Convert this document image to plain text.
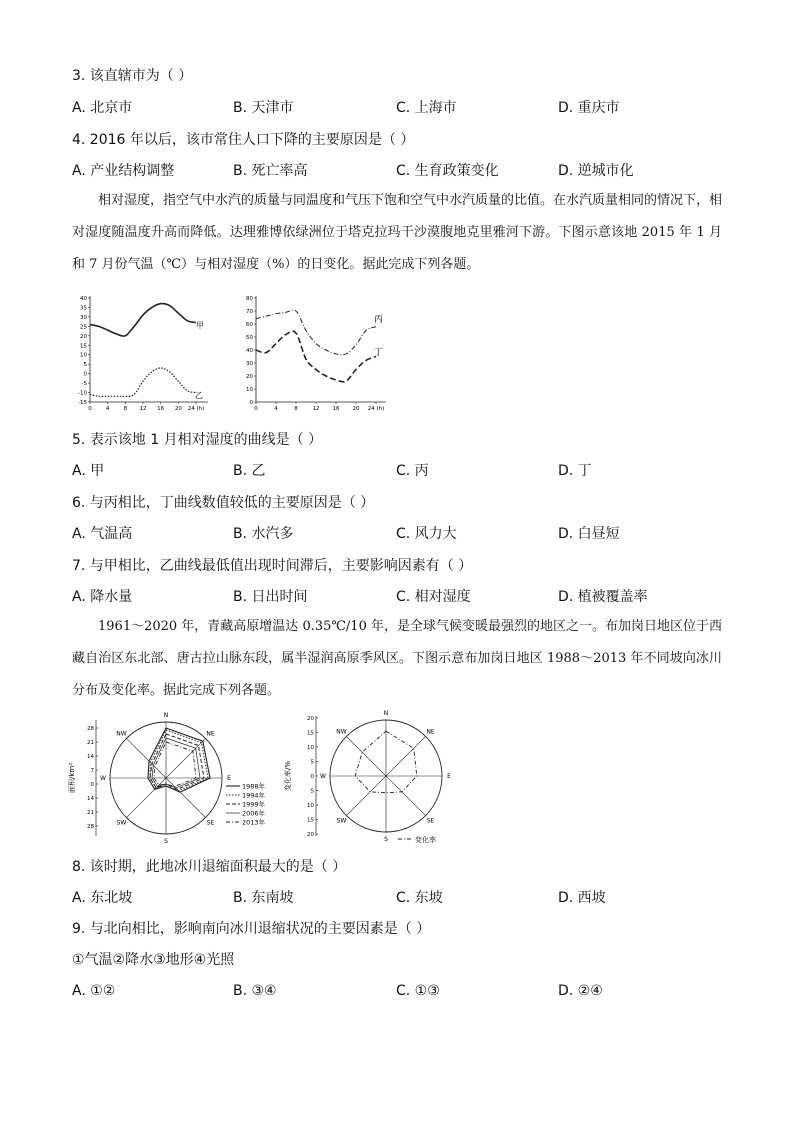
3. 该直辖市为（ ）
A. 北京市	B. 天津市	C. 上海市	D. 重庆市
4. 2016 年以后，该市常住人口下降的主要原因是（ ）
A. 产业结构调整	B. 死亡率高	C. 生育政策变化	D. 逆城市化
相对湿度，指空气中水汽的质量与同温度和气压下饱和空气中水汽质量的比值。在水汽质量相同的情况下，相对湿度随温度升高而降低。达理雅博依绿洲位于塔克拉玛干沙漠腹地克里雅河下游。下图示意该地 2015 年 1 月和 7 月份气温（℃）与相对湿度（%）的日变化。据此完成下列各题。
40
35
30
25
20
15
10
5
0
-5
-10
-15
0	4	8 12 16 20 24 (h)
甲
乙
80
70
60
50
40
30
20
10
0
0	4	8	12 16 20 24 (h)
丙
丁
5. 表示该地 1 月相对湿度的曲线是（ ）
A. 甲	B. 乙	C. 丙	D. 丁
6. 与丙相比，丁曲线数值较低的主要原因是（ ）
A. 气温高	B. 水汽多	C. 风力大	D. 白昼短
7. 与甲相比，乙曲线最低值出现时间滞后，主要影响因素有（ ）
A. 降水量	B. 日出时间	C. 相对湿度	D. 植被覆盖率
1961～2020 年，青藏高原增温达 0.35℃/10 年，是全球气候变暖最强烈的地区之一。布加岗日地区位于西藏自治区东北部、唐古拉山脉东段，属半湿润高原季风区。下图示意布加岗日地区 1988～2013 年不同坡向冰川分布及变化率。据此完成下列各题。
面积/km²
28
21
14
7
0
14
21
28
N
NE
E
SE
S
SW
W
NW
1988年
1994年
1999年
2006年
2013年
变化率/%
20
15
10
5
0
5
10
15
20
N
NE
E
SE
S
SW
W
NW
变化率
8. 该时期，此地冰川退缩面积最大的是（ ）
A. 东北坡	B. 东南坡	C. 东坡	D. 西坡
9. 与北向相比，影响南向冰川退缩状况的主要因素是（ ）
①气温②降水③地形④光照
A. ①②	B. ③④	C. ①③	D. ②④
